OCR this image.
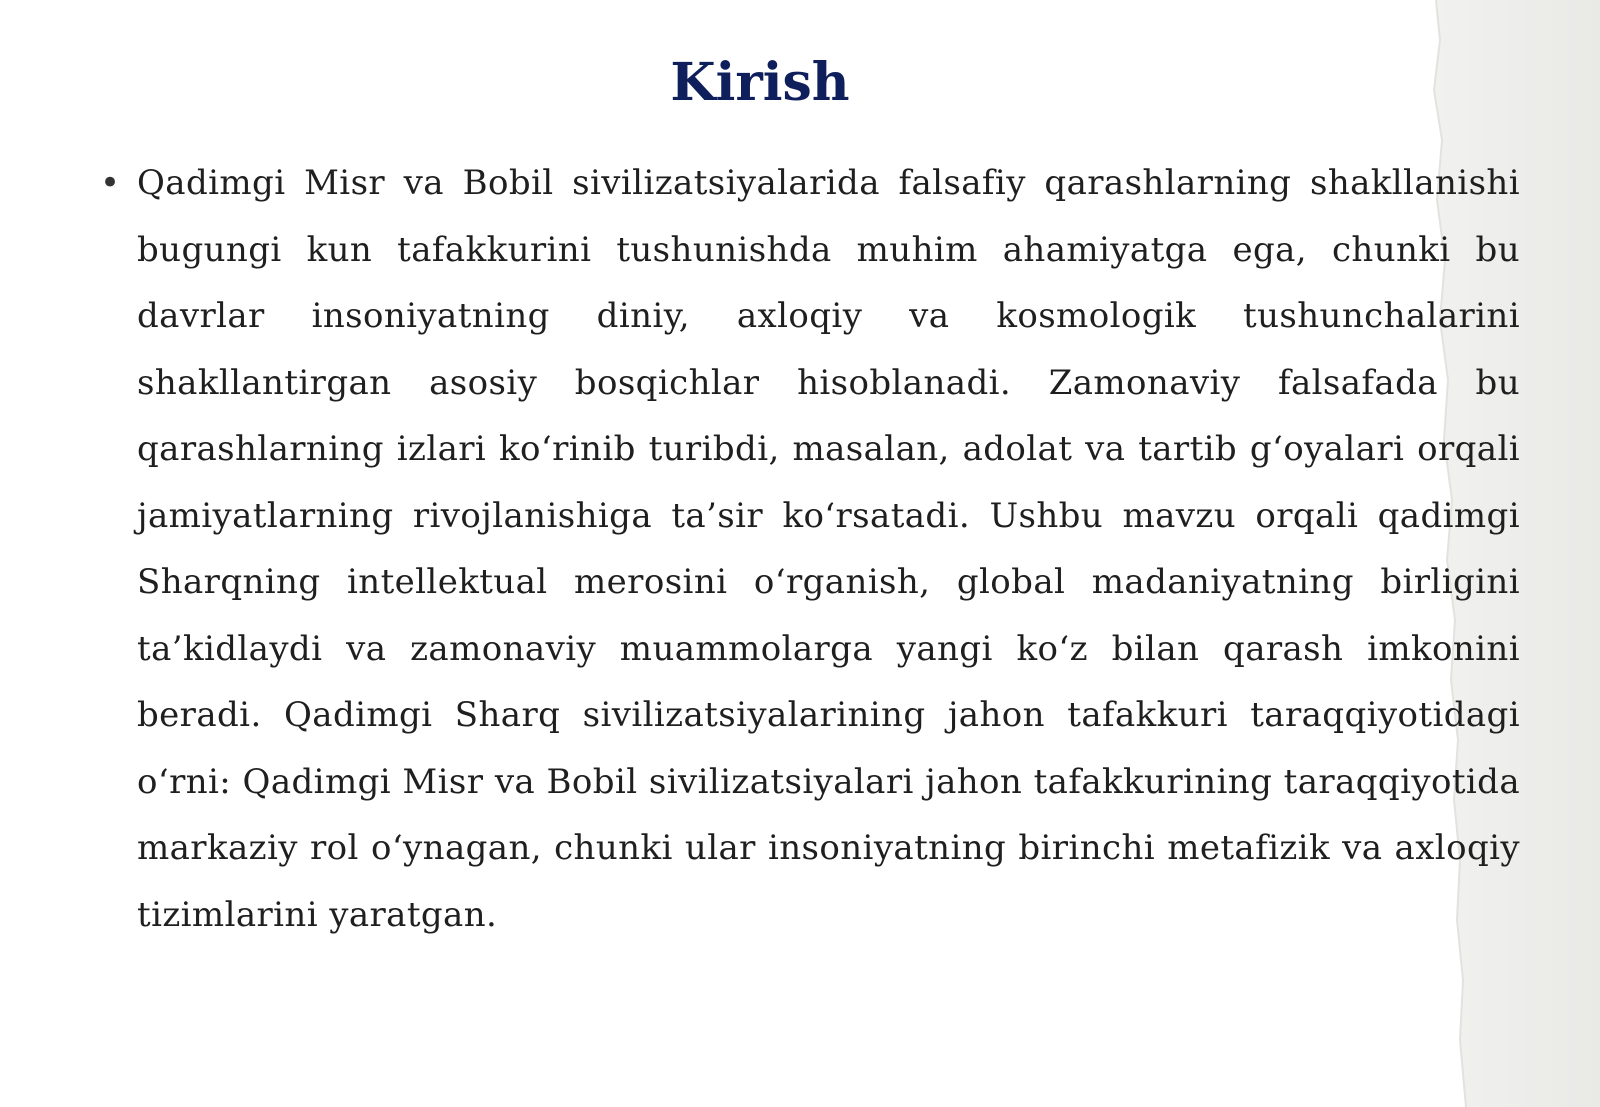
Kirish
• Qadimgi Misr va Bobil sivilizatsiyalarida falsafiy qarashlarning shakllanishi bugungi kun tafakkurini tushunishda muhim ahamiyatga ega, chunki bu davrlar insoniyatning diniy, axloqiy va kosmologik tushunchalarini shakllantirgan asosiy bosqichlar hisoblanadi. Zamonaviy falsafada bu qarashlarning izlari ko‘rinib turibdi, masalan, adolat va tartib g‘oyalari orqali jamiyatlarning rivojlanishiga ta’sir ko‘rsatadi. Ushbu mavzu orqali qadimgi Sharqning intellektual merosini o‘rganish, global madaniyatning birligini ta’kidlaydi va zamonaviy muammolarga yangi ko‘z bilan qarash imkonini beradi. Qadimgi Sharq sivilizatsiyalarining jahon tafakkuri taraqqiyotidagi o‘rni: Qadimgi Misr va Bobil sivilizatsiyalari jahon tafakkurining taraqqiyotida markaziy rol o‘ynagan, chunki ular insoniyatning birinchi metafizik va axloqiy tizimlarini yaratgan.
